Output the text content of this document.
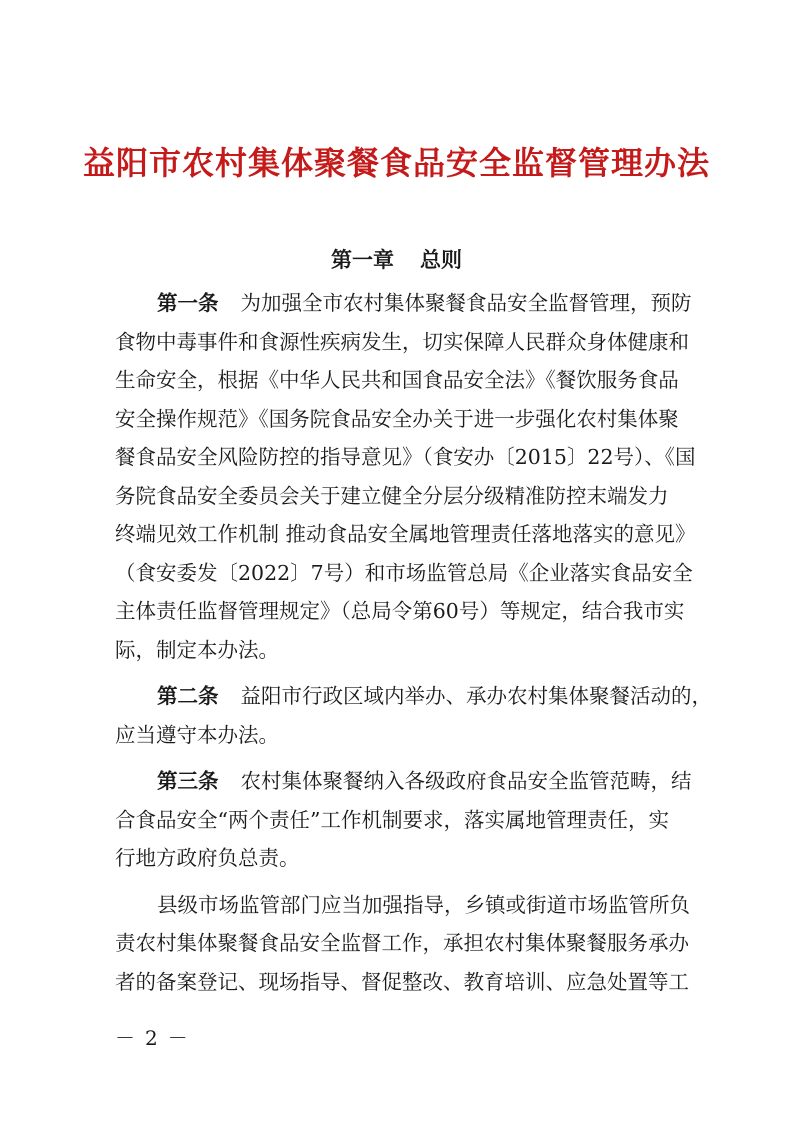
益阳市农村集体聚餐食品安全监督管理办法
第一章 总则
第一条 为加强全市农村集体聚餐食品安全监督管理，预防
食物中毒事件和食源性疾病发生，切实保障人民群众身体健康和
生命安全，根据《中华人民共和国食品安全法》《餐饮服务食品
安全操作规范》《国务院食品安全办关于进一步强化农村集体聚
餐食品安全风险防控的指导意见》（食安办〔2015〕22号）、《国
务院食品安全委员会关于建立健全分层分级精准防控末端发力
终端见效工作机制 推动食品安全属地管理责任落地落实的意见》
（食安委发〔2022〕7号）和市场监管总局《企业落实食品安全
主体责任监督管理规定》（总局令第60号）等规定，结合我市实
际，制定本办法。
第二条 益阳市行政区域内举办、承办农村集体聚餐活动的，
应当遵守本办法。
第三条 农村集体聚餐纳入各级政府食品安全监管范畴，结
合食品安全“两个责任”工作机制要求，落实属地管理责任，实
行地方政府负总责。
县级市场监管部门应当加强指导，乡镇或街道市场监管所负
责农村集体聚餐食品安全监督工作，承担农村集体聚餐服务承办
者的备案登记、现场指导、督促整改、教育培训、应急处置等工
－2－
